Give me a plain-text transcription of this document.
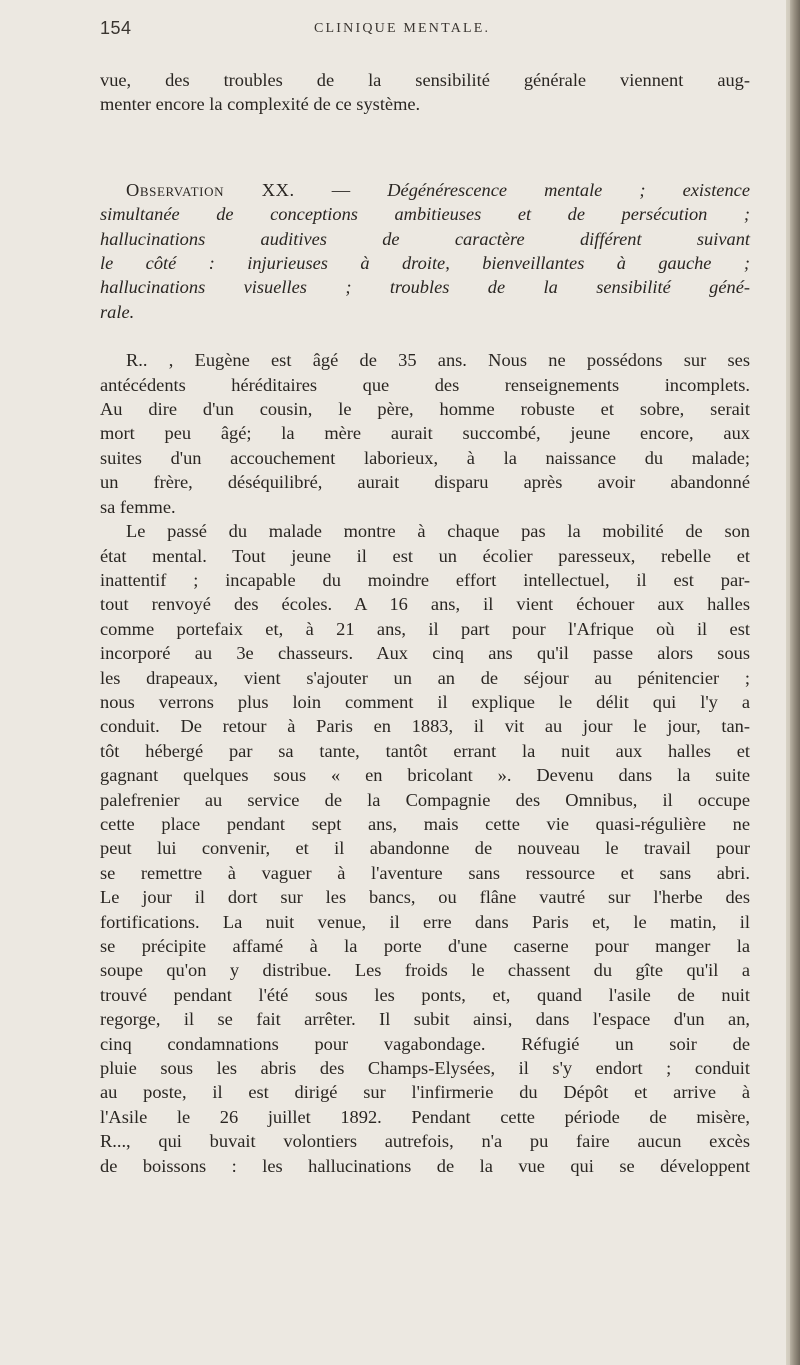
154	CLINIQUE MENTALE.

vue, des troubles de la sensibilité générale viennent aug-
menter encore la complexité de ce système.

Observation XX. — Dégénérescence mentale ; existence
simultanée de conceptions ambitieuses et de persécution ;
hallucinations auditives de caractère différent suivant
le côté : injurieuses à droite, bienveillantes à gauche ;
hallucinations visuelles ; troubles de la sensibilité géné-
rale.

R.. , Eugène est âgé de 35 ans. Nous ne possédons sur ses
antécédents héréditaires que des renseignements incomplets.
Au dire d'un cousin, le père, homme robuste et sobre, serait
mort peu âgé; la mère aurait succombé, jeune encore, aux
suites d'un accouchement laborieux, à la naissance du malade;
un frère, déséquilibré, aurait disparu après avoir abandonné
sa femme.

Le passé du malade montre à chaque pas la mobilité de son
état mental. Tout jeune il est un écolier paresseux, rebelle et
inattentif ; incapable du moindre effort intellectuel, il est par-
tout renvoyé des écoles. A 16 ans, il vient échouer aux halles
comme portefaix et, à 21 ans, il part pour l'Afrique où il est
incorporé au 3e chasseurs. Aux cinq ans qu'il passe alors sous
les drapeaux, vient s'ajouter un an de séjour au pénitencier ;
nous verrons plus loin comment il explique le délit qui l'y a
conduit. De retour à Paris en 1883, il vit au jour le jour, tan-
tôt hébergé par sa tante, tantôt errant la nuit aux halles et
gagnant quelques sous « en bricolant ». Devenu dans la suite
palefrenier au service de la Compagnie des Omnibus, il occupe
cette place pendant sept ans, mais cette vie quasi-régulière ne
peut lui convenir, et il abandonne de nouveau le travail pour
se remettre à vaguer à l'aventure sans ressource et sans abri.
Le jour il dort sur les bancs, ou flâne vautré sur l'herbe des
fortifications. La nuit venue, il erre dans Paris et, le matin, il
se précipite affamé à la porte d'une caserne pour manger la
soupe qu'on y distribue. Les froids le chassent du gîte qu'il a
trouvé pendant l'été sous les ponts, et, quand l'asile de nuit
regorge, il se fait arrêter. Il subit ainsi, dans l'espace d'un an,
cinq condamnations pour vagabondage. Réfugié un soir de
pluie sous les abris des Champs-Elysées, il s'y endort ; conduit
au poste, il est dirigé sur l'infirmerie du Dépôt et arrive à
l'Asile le 26 juillet 1892. Pendant cette période de misère,
R..., qui buvait volontiers autrefois, n'a pu faire aucun excès
de boissons : les hallucinations de la vue qui se développent
